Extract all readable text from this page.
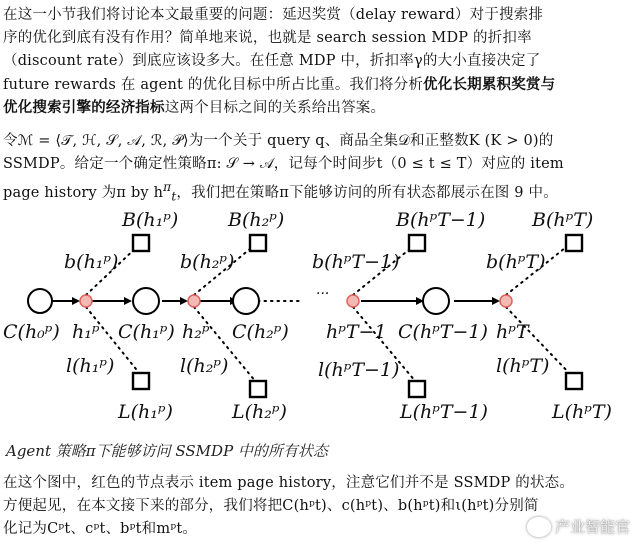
在这一小节我们将讨论本文最重要的问题：延迟奖赏（delay reward）对于搜索排
序的优化到底有没有作用？简单地来说，也就是 search session MDP 的折扣率
（discount rate）到底应该设多大。在任意 MDP 中，折扣率γ的大小直接决定了
future rewards 在 agent 的优化目标中所占比重。我们将分析优化长期累积奖赏与
优化搜索引擎的经济指标这两个目标之间的关系给出答案。
令ℳ = ⟨𝒯, ℋ, 𝒮, 𝒜, ℛ, 𝒫⟩为一个关于 query q、商品全集𝒟和正整数K (K > 0)的
SSMDP。给定一个确定性策略π: 𝒮 → 𝒜，记每个时间步t（0 ≤ t ≤ T）对应的 item
page history 为π by $h^\pi_t$，我们把在策略π下能够访问的所有状态都展示在图 9 中。
B(h₁ᵖ)	B(h₂ᵖ)	B(hᵖT−1) B(hᵖT)
b(h₁ᵖ)	b(h₂ᵖ)	b(hᵖT−1)	b(hᵖT)
···
C(h₀ᵖ) h₁ᵖ C(h₁ᵖ) h₂ᵖ C(h₂ᵖ) hᵖT−1 C(hᵖT−1) hᵖT
l(h₁ᵖ)	l(h₂ᵖ)	l(hᵖT−1)	l(hᵖT)
L(h₁ᵖ)	L(h₂ᵖ)	L(hᵖT−1)	L(hᵖT)
Agent 策略π下能够访问 SSMDP 中的所有状态
在这个图中，红色的节点表示 item page history，注意它们并不是 SSMDP 的状态。
方便起见，在本文接下来的部分，我们将把C(hᵖt)、c(hᵖt)、b(hᵖt)和ι(hᵖt)分别简
化记为Cᵖt、cᵖt、bᵖt和mᵖt。	产业智能官
